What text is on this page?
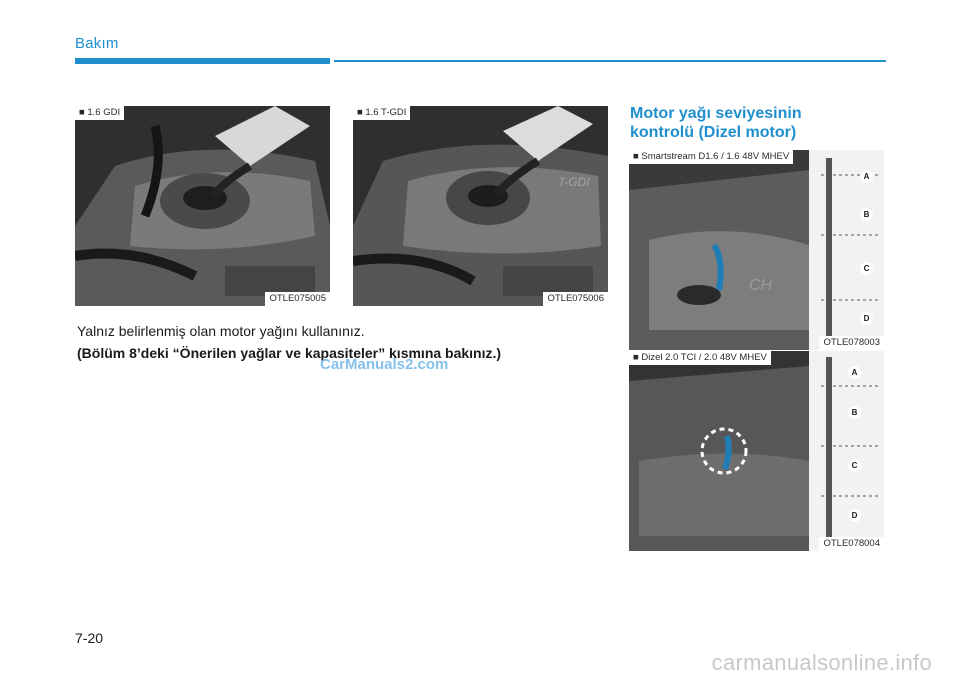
Bakım
■ 1.6 GDI
OTLE075005
T-GDI
■ 1.6 T-GDI
OTLE075006
Yalnız belirlenmiş olan motor yağını kullanınız.
(Bölüm 8’deki “Önerilen yağlar ve kapasiteler” kısmına bakınız.)
CarManuals2.com
Motor yağı seviyesinin
kontrolü (Dizel motor)
CH
A
B
C
D
■ Smartstream D1.6 / 1.6 48V MHEV
OTLE078003
A
B
C
D
■ Dizel 2.0 TCI / 2.0 48V MHEV
OTLE078004
7-20
carmanualsonline.info
